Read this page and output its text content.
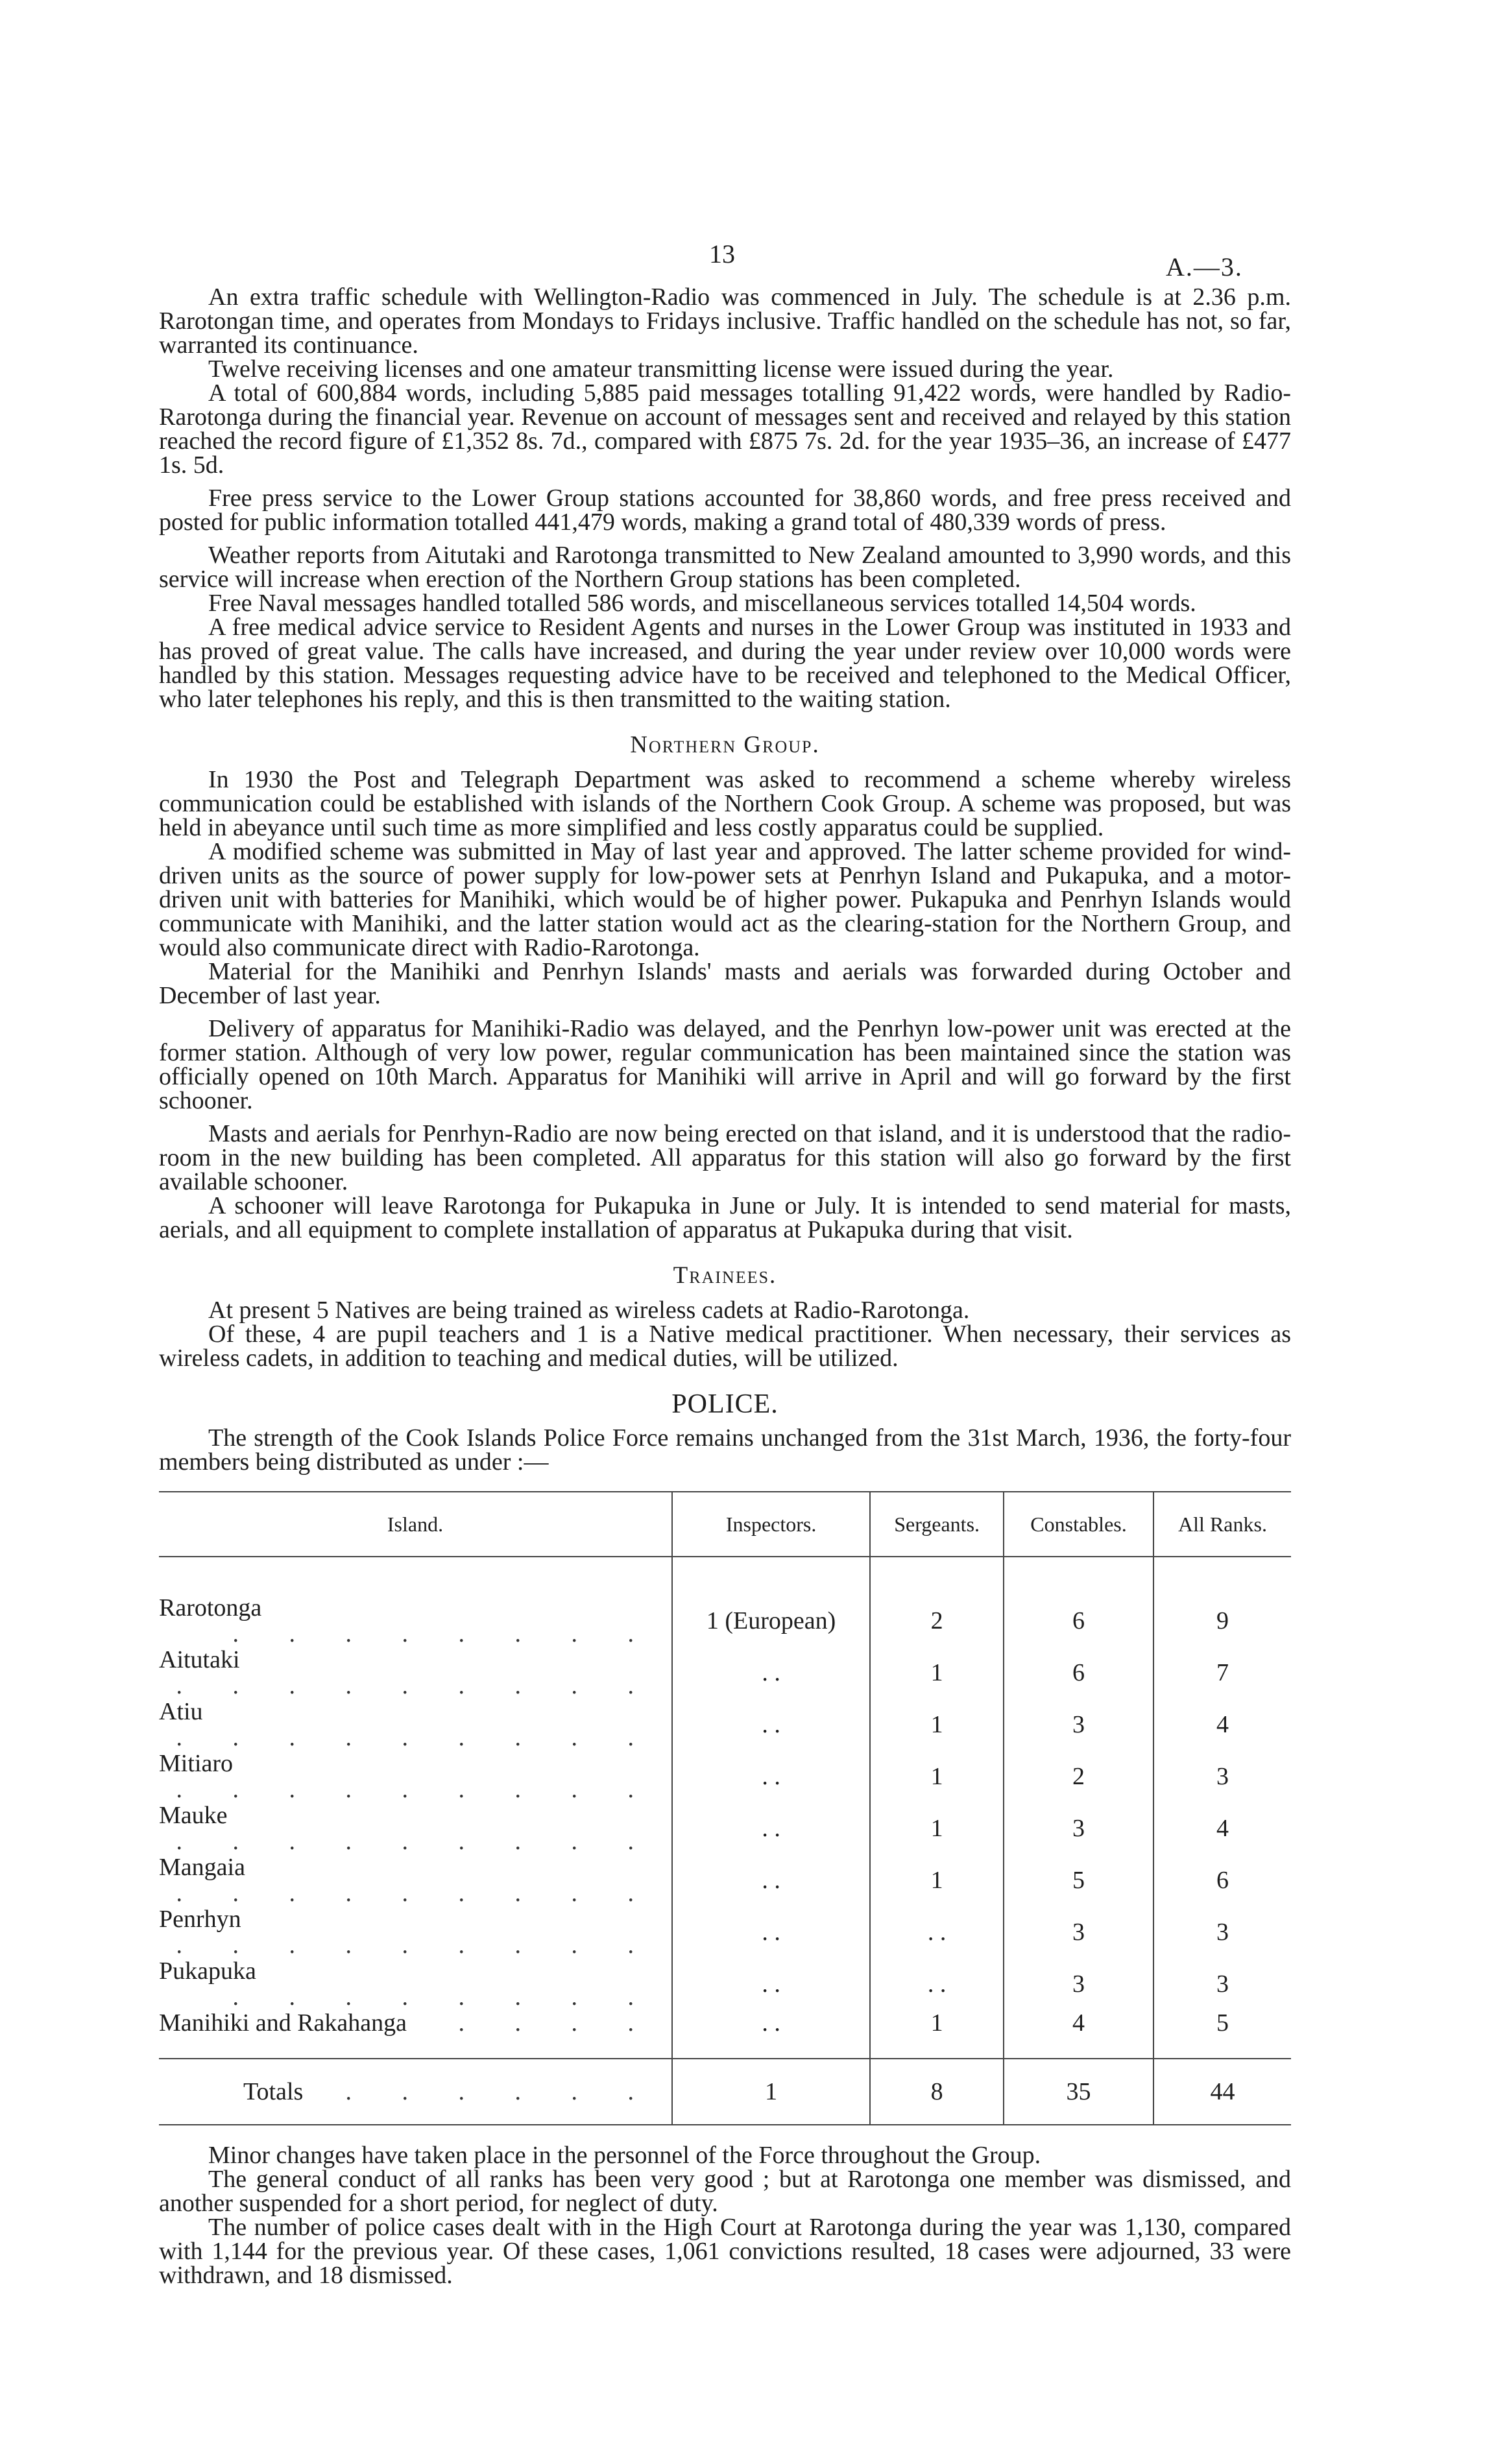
13	A.—3.

An extra traffic schedule with Wellington-Radio was commenced in July. The schedule is at 2.36 p.m. Rarotongan time, and operates from Mondays to Fridays inclusive. Traffic handled on the schedule has not, so far, warranted its continuance.

Twelve receiving licenses and one amateur transmitting license were issued during the year.

A total of 600,884 words, including 5,885 paid messages totalling 91,422 words, were handled by Radio-Rarotonga during the financial year. Revenue on account of messages sent and received and relayed by this station reached the record figure of £1,352 8s. 7d., compared with £875 7s. 2d. for the year 1935–36, an increase of £477 1s. 5d.

Free press service to the Lower Group stations accounted for 38,860 words, and free press received and posted for public information totalled 441,479 words, making a grand total of 480,339 words of press.

Weather reports from Aitutaki and Rarotonga transmitted to New Zealand amounted to 3,990 words, and this service will increase when erection of the Northern Group stations has been completed.

Free Naval messages handled totalled 586 words, and miscellaneous services totalled 14,504 words.

A free medical advice service to Resident Agents and nurses in the Lower Group was instituted in 1933 and has proved of great value. The calls have increased, and during the year under review over 10,000 words were handled by this station. Messages requesting advice have to be received and telephoned to the Medical Officer, who later telephones his reply, and this is then transmitted to the waiting station.

Northern Group.

In 1930 the Post and Telegraph Department was asked to recommend a scheme whereby wireless communication could be established with islands of the Northern Cook Group. A scheme was proposed, but was held in abeyance until such time as more simplified and less costly apparatus could be supplied.

A modified scheme was submitted in May of last year and approved. The latter scheme provided for wind-driven units as the source of power supply for low-power sets at Penrhyn Island and Pukapuka, and a motor-driven unit with batteries for Manihiki, which would be of higher power. Pukapuka and Penrhyn Islands would communicate with Manihiki, and the latter station would act as the clearing-station for the Northern Group, and would also communicate direct with Radio-Rarotonga.

Material for the Manihiki and Penrhyn Islands' masts and aerials was forwarded during October and December of last year.

Delivery of apparatus for Manihiki-Radio was delayed, and the Penrhyn low-power unit was erected at the former station. Although of very low power, regular communication has been maintained since the station was officially opened on 10th March. Apparatus for Manihiki will arrive in April and will go forward by the first schooner.

Masts and aerials for Penrhyn-Radio are now being erected on that island, and it is understood that the radio-room in the new building has been completed. All apparatus for this station will also go forward by the first available schooner.

A schooner will leave Rarotonga for Pukapuka in June or July. It is intended to send material for masts, aerials, and all equipment to complete installation of apparatus at Pukapuka during that visit.

Trainees.

At present 5 Natives are being trained as wireless cadets at Radio-Rarotonga.

Of these, 4 are pupil teachers and 1 is a Native medical practitioner. When necessary, their services as wireless cadets, in addition to teaching and medical duties, will be utilized.

POLICE.

The strength of the Cook Islands Police Force remains unchanged from the 31st March, 1936, the forty-four members being distributed as under :—

Island.	Inspectors.	Sergeants.	Constables.	All Ranks.

Rarotonga
. . . . . . . .	1 (European)	2	6	9
Aitutaki
. . . . . . . . .	. .	1	6	7
Atiu
. . . . . . . . .	. .	1	3	4
Mitiaro
. . . . . . . . .	. .	1	2	3
Mauke
. . . . . . . . .	. .	1	3	4
Mangaia
. . . . . . . . .	. .	1	5	6
Penrhyn
. . . . . . . . .	. .	. .	3	3
Pukapuka
. . . . . . . .	. .	. .	3	3
Manihiki and Rakahanga . . . .	. .	1	4	5

Totals . . . . . .	1	8	35	44

Minor changes have taken place in the personnel of the Force throughout the Group.

The general conduct of all ranks has been very good ; but at Rarotonga one member was dismissed, and another suspended for a short period, for neglect of duty.

The number of police cases dealt with in the High Court at Rarotonga during the year was 1,130, compared with 1,144 for the previous year. Of these cases, 1,061 convictions resulted, 18 cases were adjourned, 33 were withdrawn, and 18 dismissed.
